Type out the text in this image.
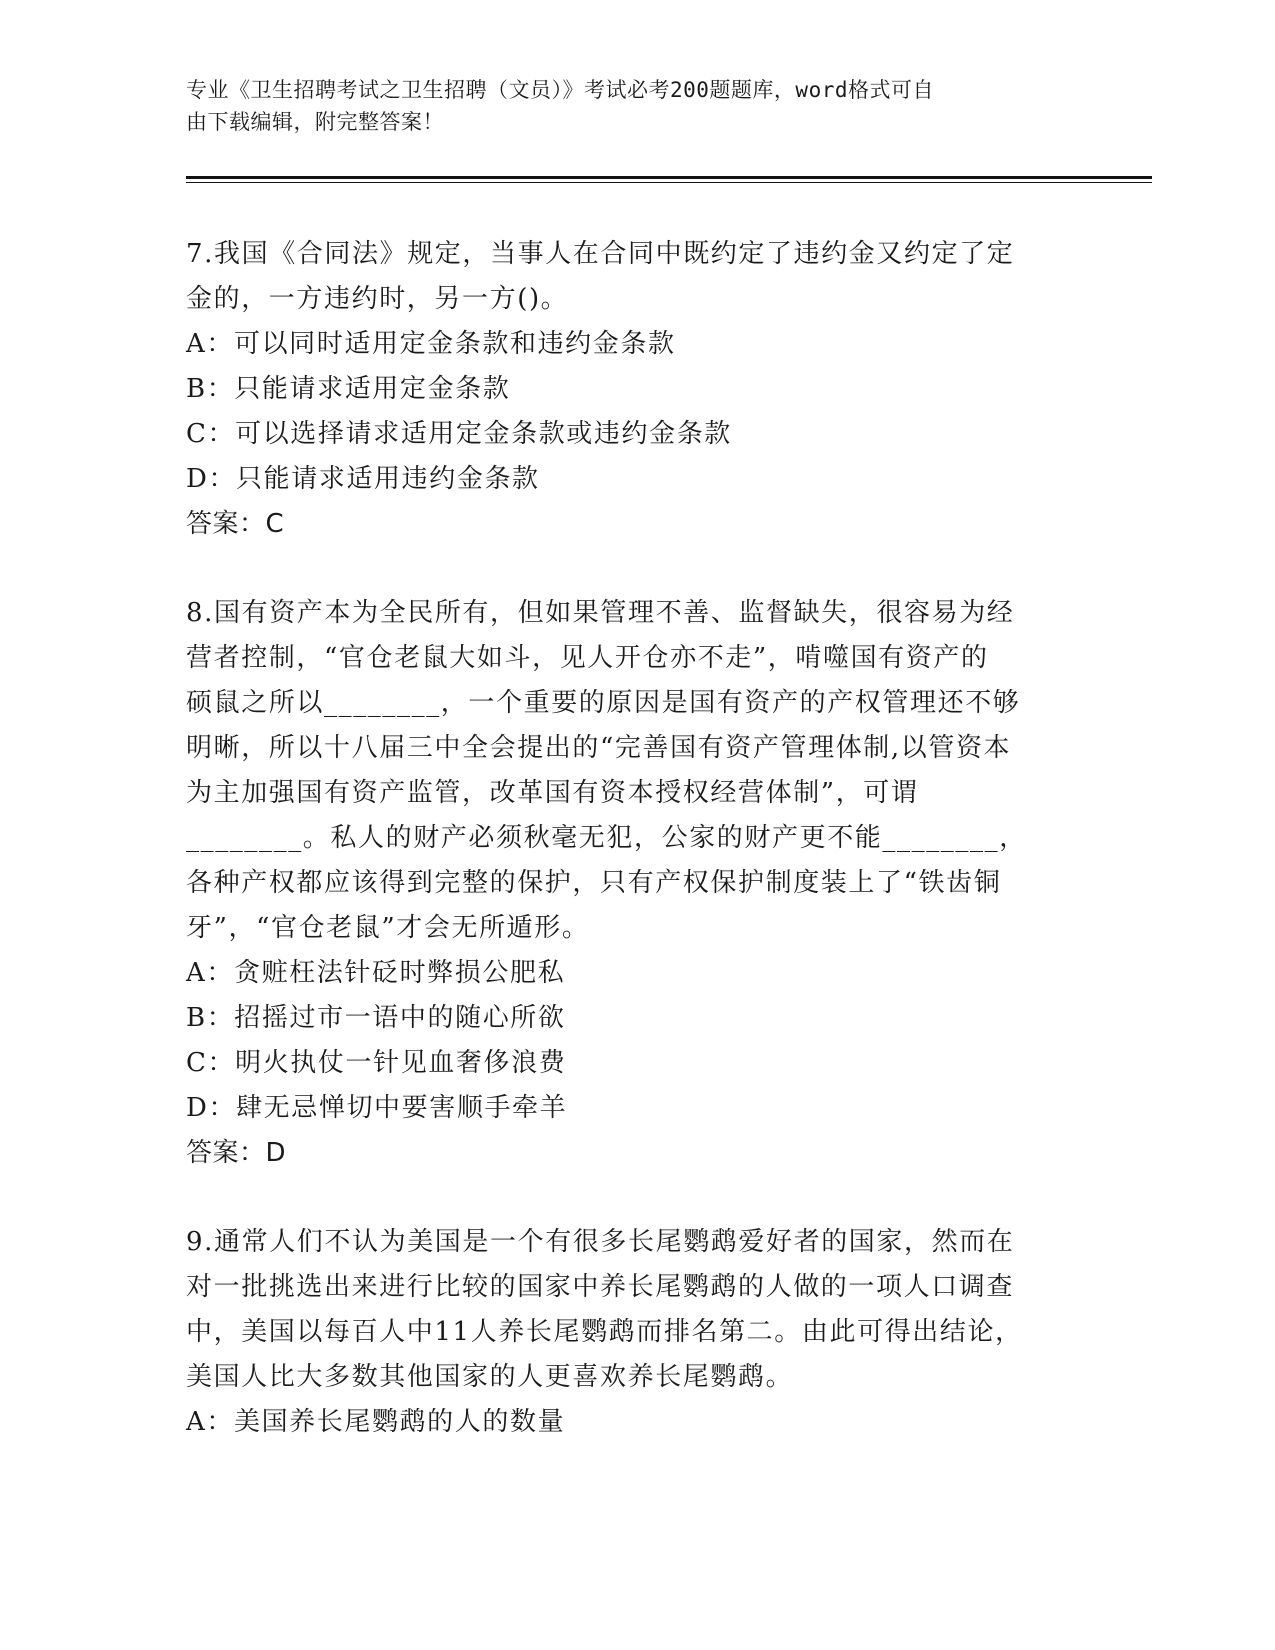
专业《卫生招聘考试之卫生招聘（文员）》考试必考200题题库，word格式可自
由下载编辑，附完整答案！
7.我国《合同法》规定，当事人在合同中既约定了违约金又约定了定
金的，一方违约时，另一方()。
A：可以同时适用定金条款和违约金条款
B：只能请求适用定金条款
C：可以选择请求适用定金条款或违约金条款
D：只能请求适用违约金条款
答案：C
8.国有资产本为全民所有，但如果管理不善、监督缺失，很容易为经
营者控制，“官仓老鼠大如斗，见人开仓亦不走”，啃噬国有资产的
硕鼠之所以________，一个重要的原因是国有资产的产权管理还不够
明晰，所以十八届三中全会提出的“完善国有资产管理体制,以管资本
为主加强国有资产监管，改革国有资本授权经营体制”，可谓
________。私人的财产必须秋毫无犯，公家的财产更不能________，
各种产权都应该得到完整的保护，只有产权保护制度装上了“铁齿铜
牙”，“官仓老鼠”才会无所遁形。
A：贪赃枉法针砭时弊损公肥私
B：招摇过市一语中的随心所欲
C：明火执仗一针见血奢侈浪费
D：肆无忌惮切中要害顺手牵羊
答案：D
9.通常人们不认为美国是一个有很多长尾鹦鹉爱好者的国家，然而在
对一批挑选出来进行比较的国家中养长尾鹦鹉的人做的一项人口调查
中，美国以每百人中11人养长尾鹦鹉而排名第二。由此可得出结论，
美国人比大多数其他国家的人更喜欢养长尾鹦鹉。
A：美国养长尾鹦鹉的人的数量
